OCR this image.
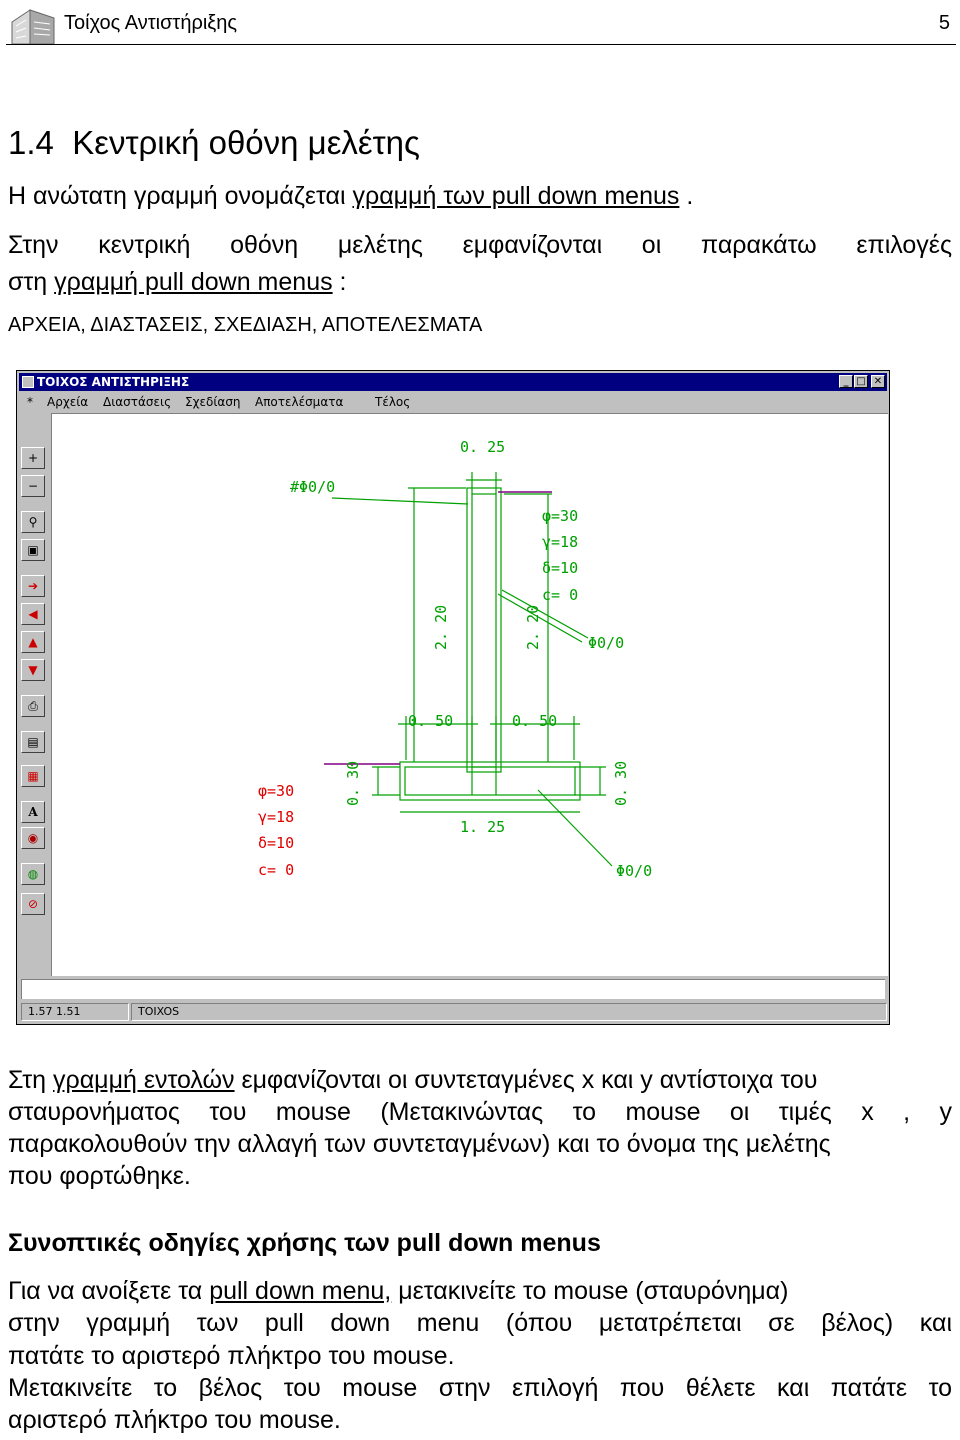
Τοίχος Αντιστήριξης	5
1.4 Κεντρική οθόνη μελέτης
Η ανώτατη γραμμή ονομάζεται γραμμή των pull down menus .
Στην κεντρική οθόνη μελέτης εμφανίζονται οι παρακάτω επιλογές
στη γραμμή pull down menus :
ΑΡΧΕΙΑ, ΔΙΑΣΤΑΣΕΙΣ, ΣΧΕΔΙΑΣΗ, ΑΠΟΤΕΛΕΣΜΑΤΑ
ΤΟΙΧΟΣ ΑΝΤΙΣΤΗΡΙΞΗΣ	_ □ ✕
* Αρχεία Διαστάσεις Σχεδίαση Αποτελέσματα	Τέλος
+
−
⚲
▣
➔
◀
▲
▼
⎙
▤
▦
A
◉
◍
⊘
0. 25
#Φ0/0
2. 20	2. 20
φ=30
γ=18
δ=10
c= 0
Φ0/0
0. 50	0. 50
0. 30	0. 30
1. 25
Φ0/0
φ=30
γ=18
δ=10
c= 0
1.57 1.51	TOIXOS
Στη γραμμή εντολών εμφανίζονται οι συντεταγμένες x και y αντίστοιχα του
σταυρονήματος του mouse (Μετακινώντας το mouse οι τιμές x , y
παρακολουθούν την αλλαγή των συντεταγμένων) και το όνομα της μελέτης
που φορτώθηκε.
Συνοπτικές οδηγίες χρήσης των pull down menus
Για να ανοίξετε τα pull down menu, μετακινείτε το mouse (σταυρόνημα)
στην γραμμή των pull down menu (όπου μετατρέπεται σε βέλος) και
πατάτε το αριστερό πλήκτρο του mouse.
Μετακινείτε το βέλος του mouse στην επιλογή που θέλετε και πατάτε το
αριστερό πλήκτρο του mouse.
